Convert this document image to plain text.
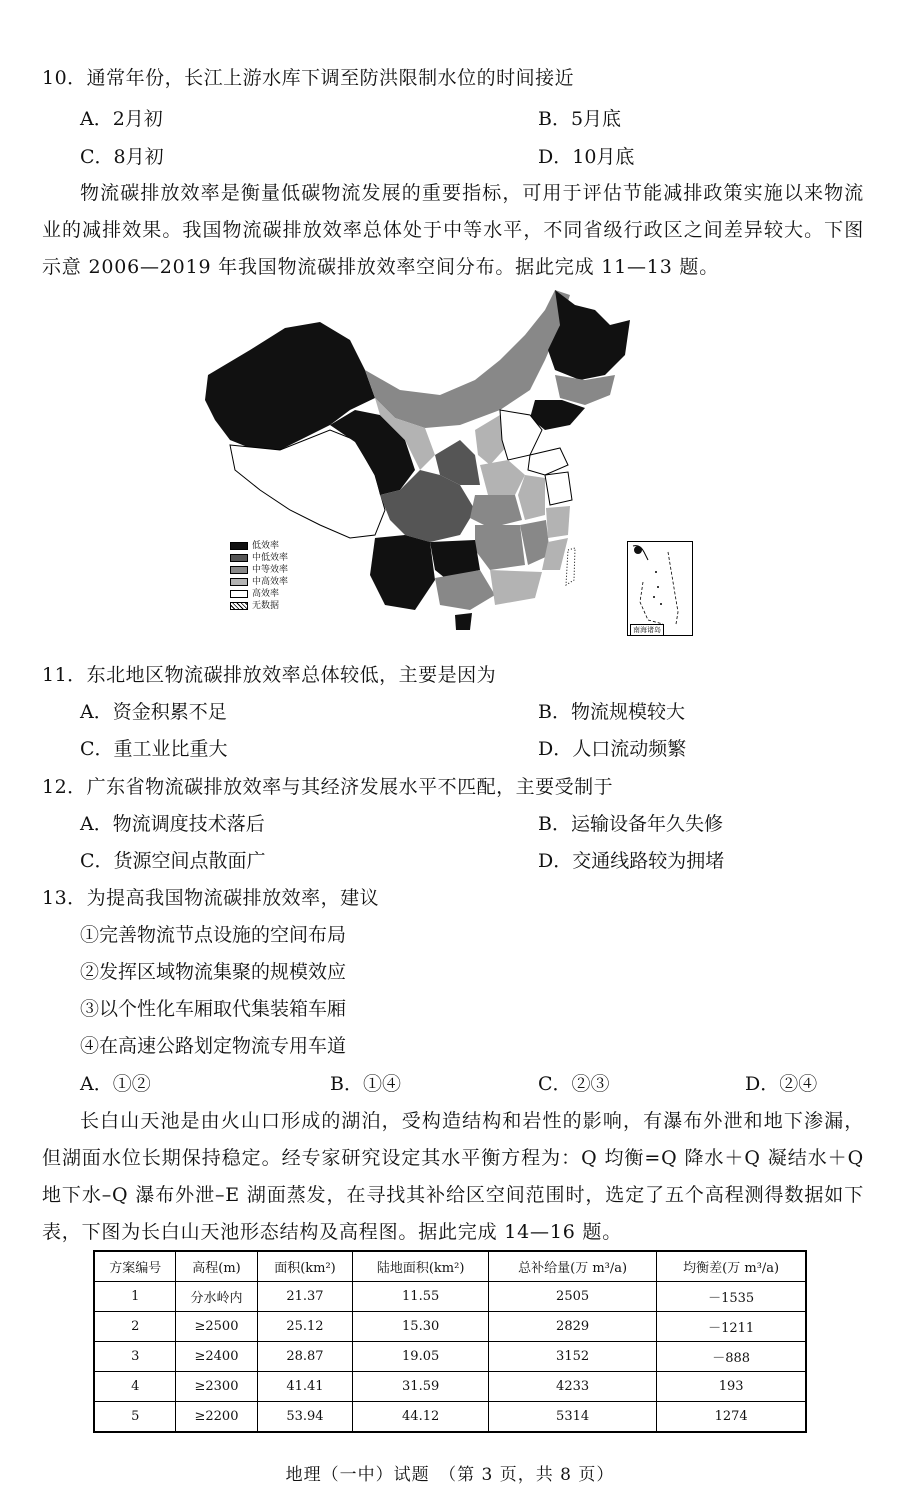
10．通常年份，长江上游水库下调至防洪限制水位的时间接近
A．2月初	B．5月底
C．8月初	D．10月底
物流碳排放效率是衡量低碳物流发展的重要指标，可用于评估节能减排政策实施以来物流业的减排效果。我国物流碳排放效率总体处于中等水平，不同省级行政区之间差异较大。下图示意 2006—2019 年我国物流碳排放效率空间分布。据此完成 11—13 题。
低效率
中低效率
中等效率
中高效率
高效率
无数据
南海诸岛
11．东北地区物流碳排放效率总体较低，主要是因为
A．资金积累不足	B．物流规模较大
C．重工业比重大	D．人口流动频繁
12．广东省物流碳排放效率与其经济发展水平不匹配，主要受制于
A．物流调度技术落后	B．运输设备年久失修
C．货源空间点散面广	D．交通线路较为拥堵
13．为提高我国物流碳排放效率，建议
①完善物流节点设施的空间布局
②发挥区域物流集聚的规模效应
③以个性化车厢取代集装箱车厢
④在高速公路划定物流专用车道
A．①②	B．①④	C．②③	D．②④
长白山天池是由火山口形成的湖泊，受构造结构和岩性的影响，有瀑布外泄和地下渗漏，但湖面水位长期保持稳定。经专家研究设定其水平衡方程为：Q 均衡=Q 降水＋Q 凝结水＋Q 地下水–Q 瀑布外泄–E 湖面蒸发，在寻找其补给区空间范围时，选定了五个高程测得数据如下表，下图为长白山天池形态结构及高程图。据此完成 14—16 题。
方案编号	高程(m)	面积(km²)	陆地面积(km²)	总补给量(万 m³/a)	均衡差(万 m³/a)
1	分水岭内	21.37	11.55	2505	－1535
2	≥2500	25.12	15.30	2829	－1211
3	≥2400	28.87	19.05	3152	－888
4	≥2300	41.41	31.59	4233	193
5	≥2200	53.94	44.12	5314	1274
地理（一中）试题　（第 3 页，共 8 页）
